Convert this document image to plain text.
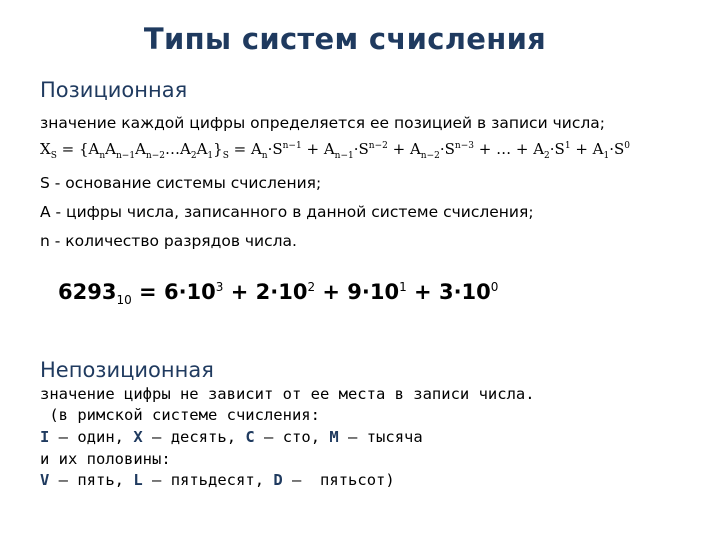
Типы систем счисления
Позиционная
значение каждой цифры определяется ее позицией в записи числа;
$X_S$ = $\{A_nA_{n-1}A_{n-2}\dots A_2A_1\}_S = A_n\cdot S^{n-1} + A_{n-1}\cdot S^{n-2} + A_{n-2}\cdot S^{n-3}$ + … + $A_2\cdot S^1 + A_1\cdot S^0$
S - основание системы счисления;
A - цифры числа, записанного в данной системе счисления;
n - количество разрядов числа.
$6293_{10} = 6\cdot 10^3 + 2\cdot 10^2 + 9\cdot 10^1 + 3\cdot 10^0$
Непозиционная
значение цифры не зависит от ее места в записи числа.
(в римской системе счисления:
I – один, X – десять, C – сто, M – тысяча
и их половины:
V – пять, L – пятьдесят, D –  пятьсот)
